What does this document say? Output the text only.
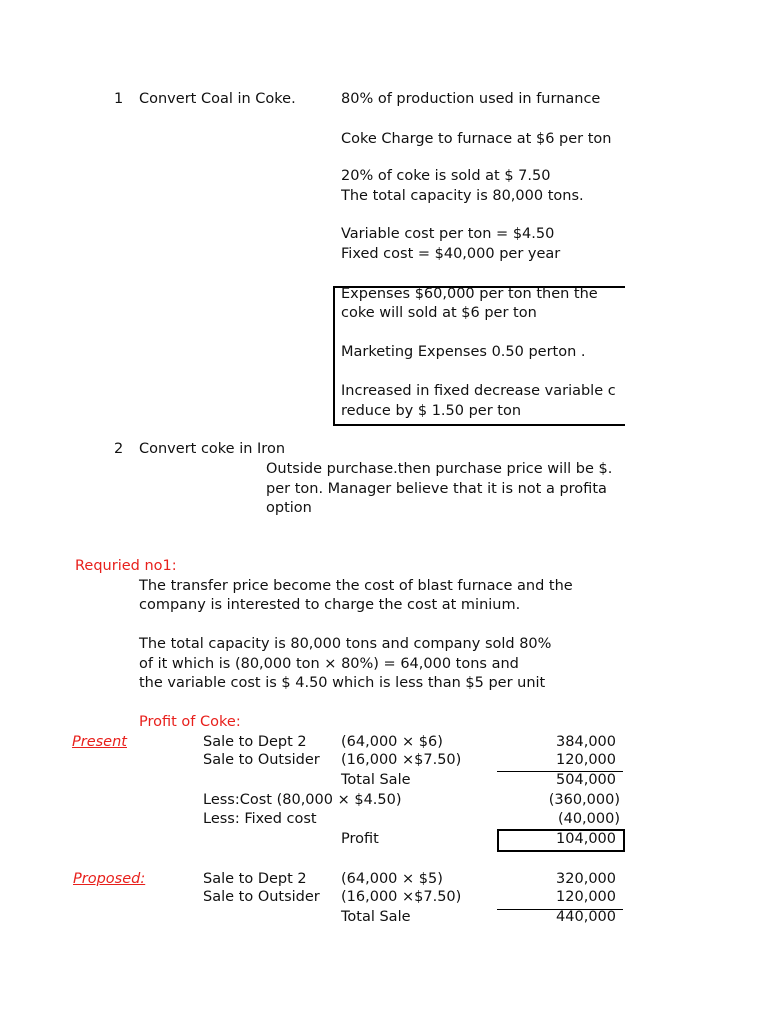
1 Convert Coal in Coke.	80% of production used in furnance
Coke Charge to furnace at $6 per ton
20% of coke is sold at $ 7.50
The total capacity is 80,000 tons.
Variable cost per ton = $4.50
Fixed cost = $40,000 per year
Expenses $60,000 per ton then the
coke will sold at $6 per ton
Marketing Expenses 0.50 perton .
Increased in fixed decrease variable c
reduce by $ 1.50 per ton
2 Convert coke in Iron
Outside purchase.then purchase price will be $.
per ton. Manager believe that it is not a profita
option
Requried no1:
The transfer price become the cost of blast furnace and the
company is interested to charge the cost at minium.
The total capacity is 80,000 tons and company sold 80%
of it which is (80,000 ton × 80%) = 64,000 tons and
the variable cost is $ 4.50 which is less than $5 per unit
Profit of Coke:
Present	Sale to Dept 2 (64,000 × $6)	384,000
Sale to Outsider (16,000 ×$7.50)	120,000
Total Sale	504,000
Less:Cost (80,000 × $4.50)	(360,000)
Less: Fixed cost	(40,000)
Profit	104,000
Proposed:	Sale to Dept 2 (64,000 × $5)	320,000
Sale to Outsider (16,000 ×$7.50)	120,000
Total Sale	440,000
